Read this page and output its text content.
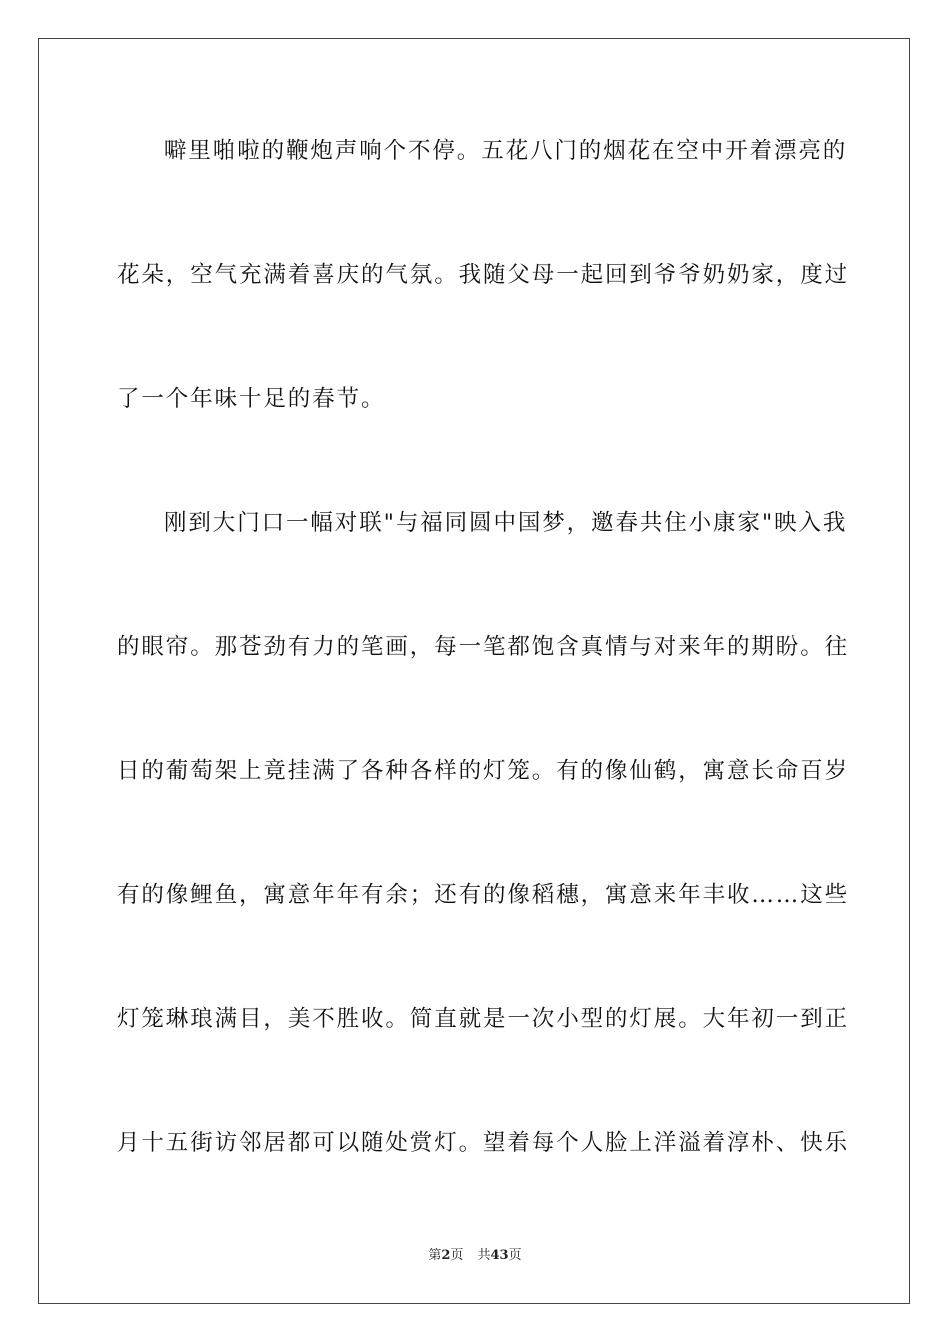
噼里啪啦的鞭炮声响个不停。五花八门的烟花在空中开着漂亮的
花朵，空气充满着喜庆的气氛。我随父母一起回到爷爷奶奶家，度过
了一个年味十足的春节。
刚到大门口一幅对联"与福同圆中国梦，邀春共住小康家"映入我
的眼帘。那苍劲有力的笔画，每一笔都饱含真情与对来年的期盼。往
日的葡萄架上竟挂满了各种各样的灯笼。有的像仙鹤，寓意长命百岁
有的像鲤鱼，寓意年年有余；还有的像稻穗，寓意来年丰收……这些
灯笼琳琅满目，美不胜收。简直就是一次小型的灯展。大年初一到正
月十五街访邻居都可以随处赏灯。望着每个人脸上洋溢着淳朴、快乐
第2页 共43页
